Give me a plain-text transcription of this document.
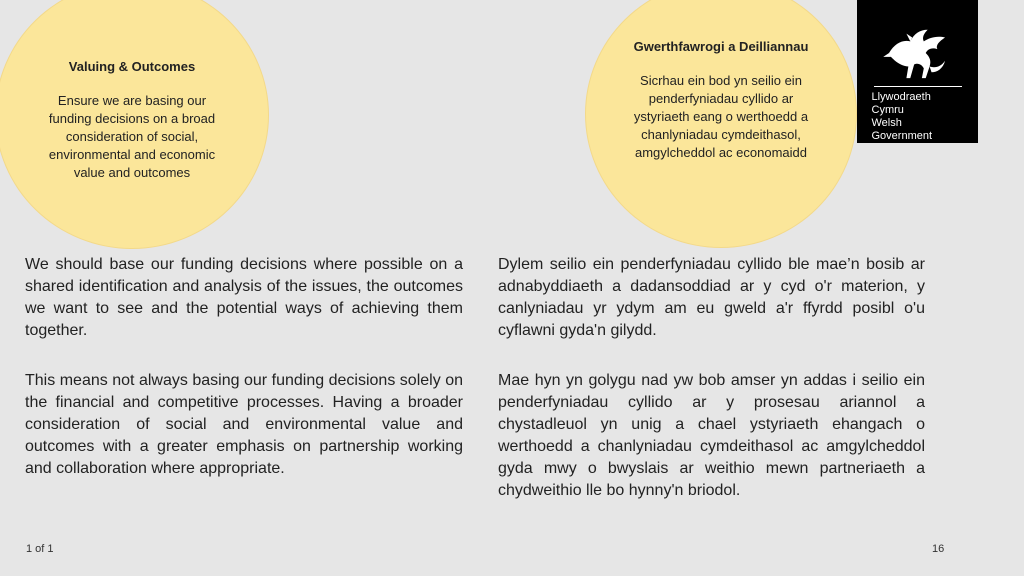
Valuing & Outcomes
Ensure we are basing our funding decisions on a broad consideration of social, environmental and economic value and outcomes
Gwerthfawrogi a Deilliannau
Sicrhau ein bod yn seilio ein penderfyniadau cyllido ar ystyriaeth eang o werthoedd a chanlyniadau cymdeithasol, amgylcheddol ac economaidd
Llywodraeth Cymru
Welsh Government

We should base our funding decisions where possible on a shared identification and analysis of the issues, the outcomes we want to see and the potential ways of achieving them together.

This means not always basing our funding decisions solely on the financial and competitive processes. Having a broader consideration of social and environmental value and outcomes with a greater emphasis on partnership working and collaboration where appropriate.

Dylem seilio ein penderfyniadau cyllido ble mae’n bosib ar adnabyddiaeth a dadansoddiad ar y cyd o'r materion, y canlyniadau yr ydym am eu gweld a'r ffyrdd posibl o'u cyflawni gyda'n gilydd.

Mae hyn yn golygu nad yw bob amser yn addas i seilio ein penderfyniadau cyllido ar y prosesau ariannol a chystadleuol yn unig a chael ystyriaeth ehangach o werthoedd a chanlyniadau cymdeithasol ac amgylcheddol gyda mwy o bwyslais ar weithio mewn partneriaeth a chydweithio lle bo hynny'n briodol.

1 of 1	16
